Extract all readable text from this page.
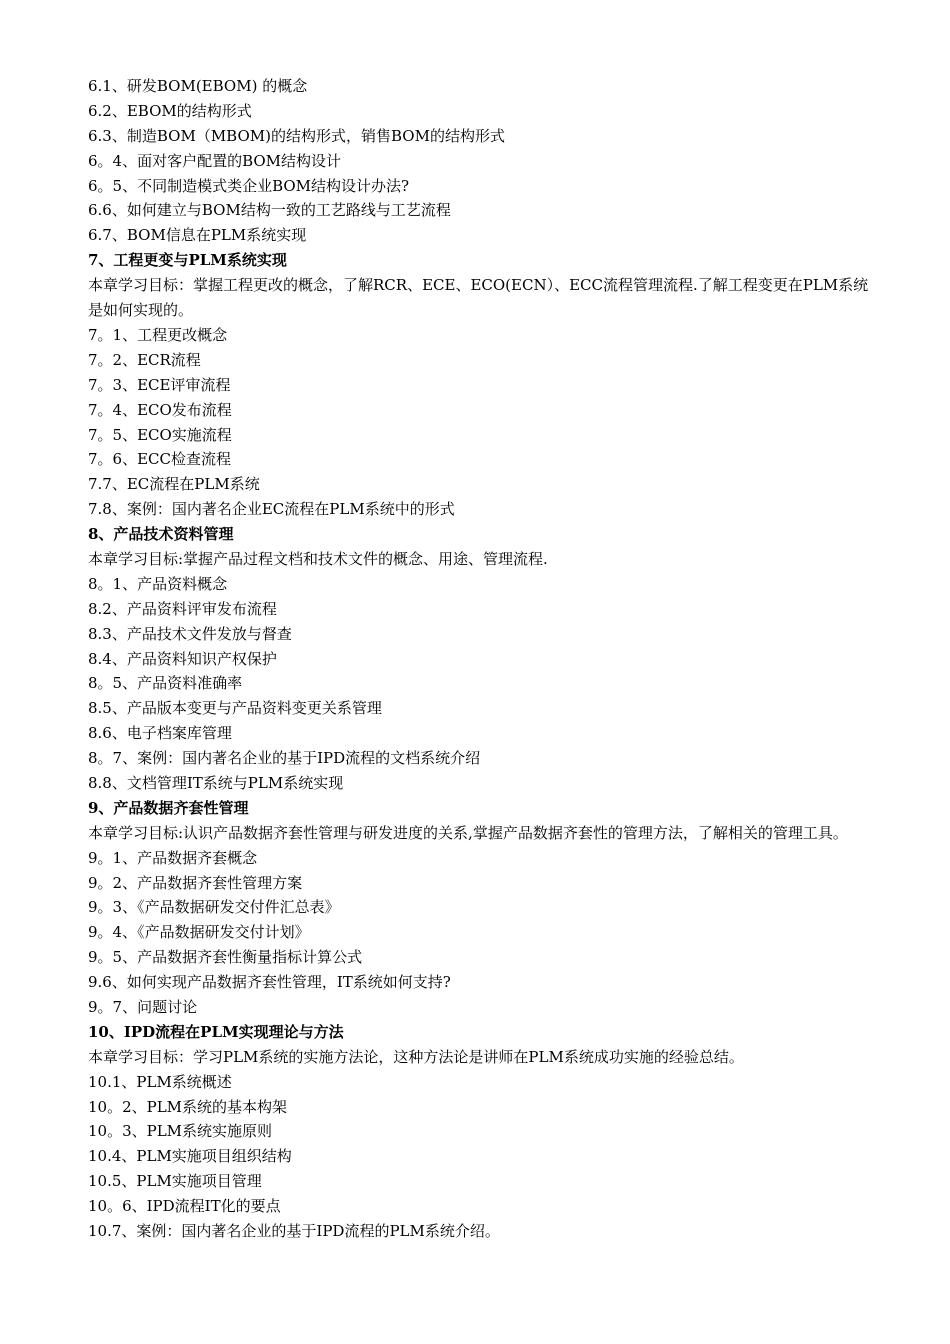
6.1、研发BOM(EBOM) 的概念
6.2、EBOM的结构形式
6.3、制造BOM（MBOM)的结构形式，销售BOM的结构形式
6。4、面对客户配置的BOM结构设计
6。5、不同制造模式类企业BOM结构设计办法?
6.6、如何建立与BOM结构一致的工艺路线与工艺流程
6.7、BOM信息在PLM系统实现
7、工程更变与PLM系统实现
本章学习目标：掌握工程更改的概念，了解RCR、ECE、ECO(ECN）、ECC流程管理流程.了解工程变更在PLM系统是如何实现的。
7。1、工程更改概念
7。2、ECR流程
7。3、ECE评审流程
7。4、ECO发布流程
7。5、ECO实施流程
7。6、ECC检查流程
7.7、EC流程在PLM系统
7.8、案例：国内著名企业EC流程在PLM系统中的形式
8、产品技术资料管理
本章学习目标:掌握产品过程文档和技术文件的概念、用途、管理流程.
8。1、产品资料概念
8.2、产品资料评审发布流程
8.3、产品技术文件发放与督查
8.4、产品资料知识产权保护
8。5、产品资料准确率
8.5、产品版本变更与产品资料变更关系管理
8.6、电子档案库管理
8。7、案例：国内著名企业的基于IPD流程的文档系统介绍
8.8、文档管理IT系统与PLM系统实现
9、产品数据齐套性管理
本章学习目标:认识产品数据齐套性管理与研发进度的关系,掌握产品数据齐套性的管理方法，了解相关的管理工具。
9。1、产品数据齐套概念
9。2、产品数据齐套性管理方案
9。3、《产品数据研发交付件汇总表》
9。4、《产品数据研发交付计划》
9。5、产品数据齐套性衡量指标计算公式
9.6、如何实现产品数据齐套性管理，IT系统如何支持?
9。7、问题讨论
10、IPD流程在PLM实现理论与方法
本章学习目标：学习PLM系统的实施方法论，这种方法论是讲师在PLM系统成功实施的经验总结。
10.1、PLM系统概述
10。2、PLM系统的基本构架
10。3、PLM系统实施原则
10.4、PLM实施项目组织结构
10.5、PLM实施项目管理
10。6、IPD流程IT化的要点
10.7、案例：国内著名企业的基于IPD流程的PLM系统介绍。
